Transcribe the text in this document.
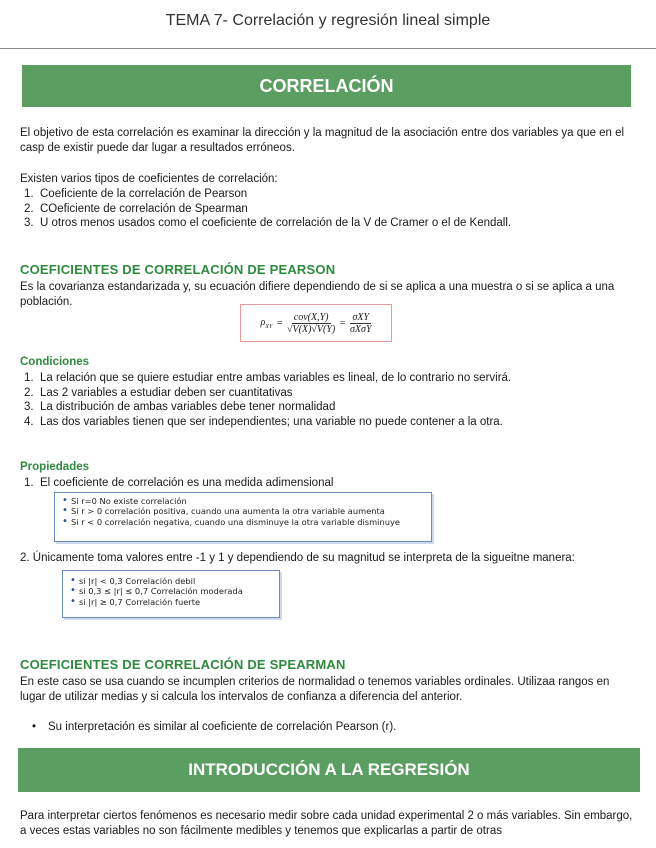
TEMA 7- Correlación y regresión lineal simple
CORRELACIÓN
El objetivo de esta correlación es examinar la dirección y la magnitud de la asociación entre dos variables ya que en el casp de existir puede dar lugar a resultados erróneos.
Existen varios tipos de coeficientes de correlación:
1. Coeficiente de la correlación de Pearson
2. COeficiente de correlación de Spearman
3. U otros menos usados como el coeficiente de correlación de la V de Cramer o el de Kendall.
COEFICIENTES DE CORRELACIÓN DE PEARSON
Es la covarianza estandarizada y, su ecuación difiere dependiendo de si se aplica a una muestra o si se aplica a una población.
$\rho_{XY} = \frac{\text{cov(X,Y)}}{√V(X)√V(Y)} = \frac{\text{σXY}}{\text{σXσY}}$
Condiciones
1. La relación que se quiere estudiar entre ambas variables es lineal, de lo contrario no servirá.
2. Las 2 variables a estudiar deben ser cuantitativas
3. La distribución de ambas variables debe tener normalidad
4. Las dos variables tienen que ser independientes; una variable no puede contener a la otra.
Propiedades
1. El coeficiente de correlación es una medida adimensional
• Si r=0 No existe correlación
• Si r > 0 correlación positiva, cuando una aumenta la otra variable aumenta
• Si r < 0 correlación negativa, cuando una disminuye la otra variable disminuye
2. Únicamente toma valores entre -1 y 1 y dependiendo de su magnitud se interpreta de la sigueitne manera:
• si |r| < 0,3 Correlación debil
• si 0,3 ≤ |r| ≤ 0,7 Correlación moderada
• si |r| ≥ 0,7 Correlación fuerte
COEFICIENTES DE CORRELACIÓN DE SPEARMAN
En este caso se usa cuando se incumplen criterios de normalidad o tenemos variables ordinales. Utilizaa rangos en lugar de utilizar medias y si calcula los intervalos de confianza a diferencia del anterior.
• Su interpretación es similar al coeficiente de correlación Pearson (r).
INTRODUCCIÓN A LA REGRESIÓN
Para interpretar ciertos fenómenos es necesario medir sobre cada unidad experimental 2 o más variables. Sin embargo, a veces estas variables no son fácilmente medibles y tenemos que explicarlas a partir de otras
